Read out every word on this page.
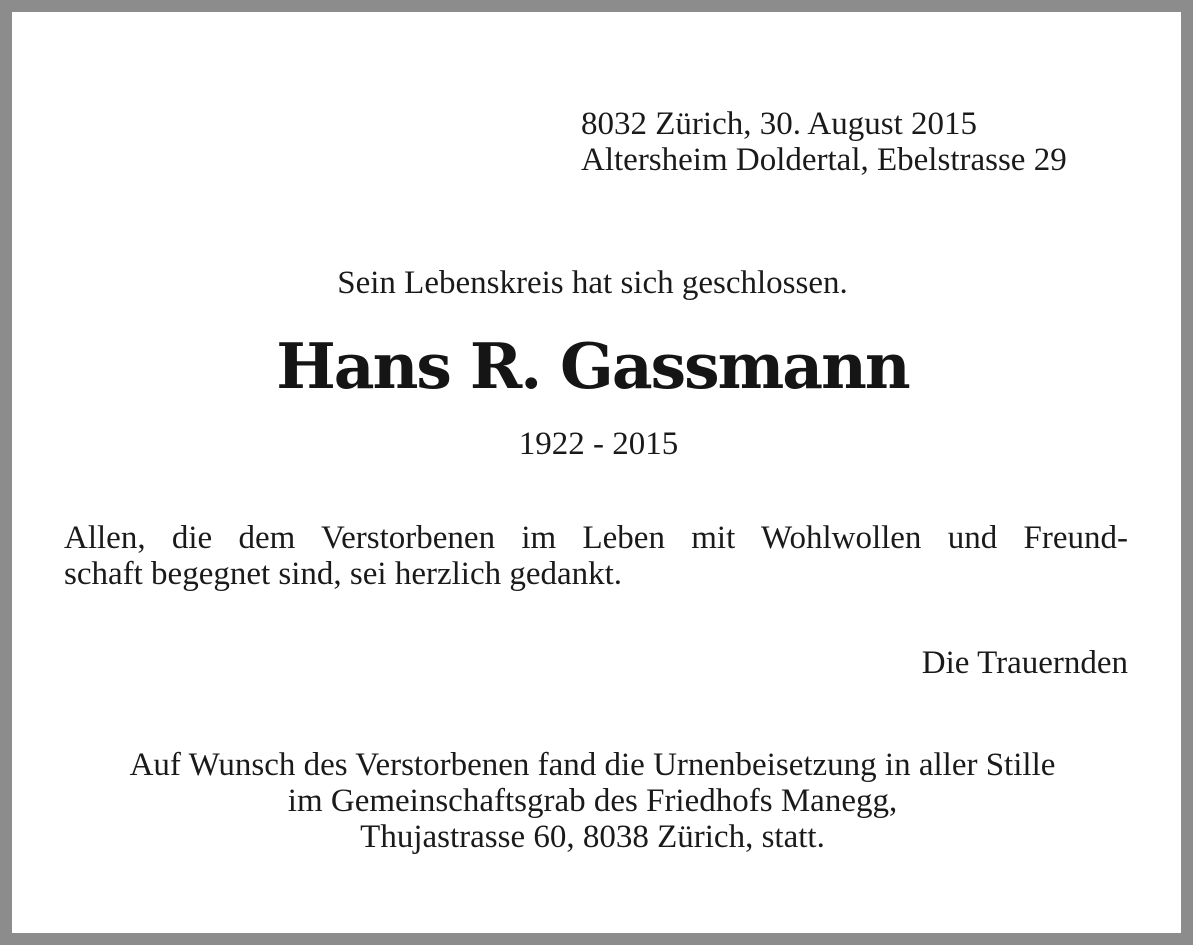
8032 Zürich, 30. August 2015
Altersheim Doldertal, Ebelstrasse 29
Sein Lebenskreis hat sich geschlossen.
Hans R. Gassmann
1922 - 2015
Allen, die dem Verstorbenen im Leben mit Wohlwollen und Freund-
schaft begegnet sind, sei herzlich gedankt.
Die Trauernden
Auf Wunsch des Verstorbenen fand die Urnenbeisetzung in aller Stille
im Gemeinschaftsgrab des Friedhofs Manegg,
Thujastrasse 60, 8038 Zürich, statt.
